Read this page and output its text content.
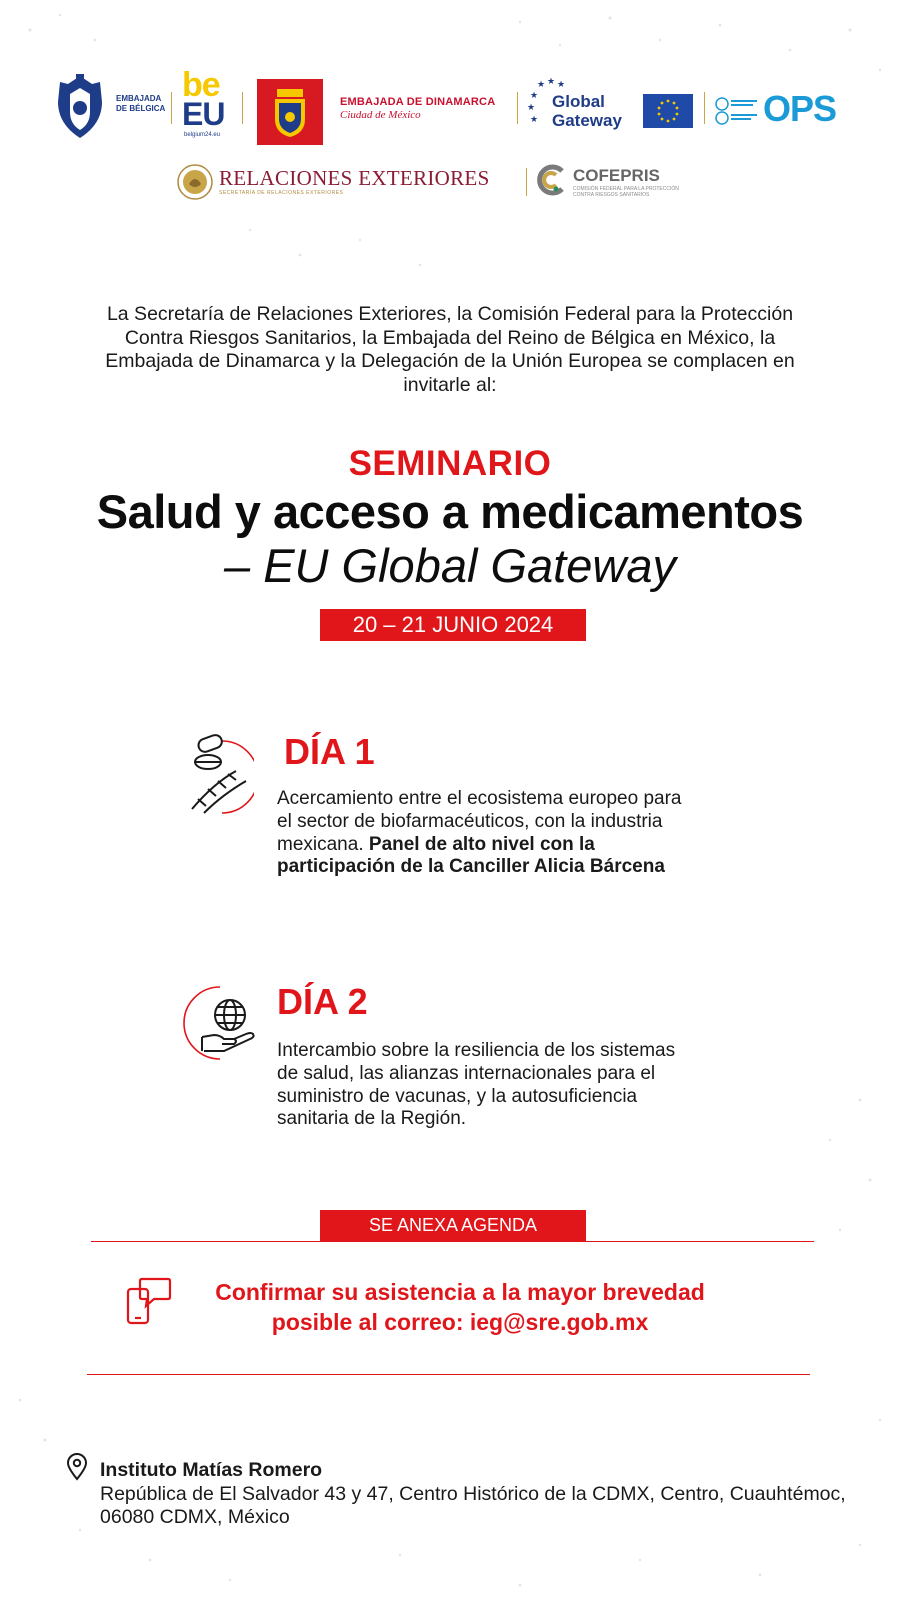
EMBAJADA
DE BÉLGICA
be
EU
belgium24.eu
EMBAJADA DE DINAMARCA
Ciudad de México
★ ★ ★
★
★
★
Global
Gateway	OPS
RELACIONES EXTERIORES
SECRETARÍA DE RELACIONES EXTERIORES
COFEPRIS
COMISIÓN FEDERAL PARA LA PROTECCIÓN CONTRA RIESGOS SANITARIOS
La Secretaría de Relaciones Exteriores, la Comisión Federal para la Protección Contra Riesgos Sanitarios, la Embajada del Reino de Bélgica en México, la Embajada de Dinamarca y la Delegación de la Unión Europea se complacen en invitarle al:
SEMINARIO
Salud y acceso a medicamentos
– EU Global Gateway
20 – 21 JUNIO 2024
DÍA 1
Acercamiento entre el ecosistema europeo para el sector de biofarmacéuticos, con la industria mexicana. Panel de alto nivel con la participación de la Canciller Alicia Bárcena
DÍA 2
Intercambio sobre la resiliencia de los sistemas de salud, las alianzas internacionales para el suministro de vacunas, y la autosuficiencia sanitaria de la Región.
SE ANEXA AGENDA
Confirmar su asistencia a la mayor brevedad
posible al correo: ieg@sre.gob.mx
Instituto Matías Romero
República de El Salvador 43 y 47, Centro Histórico de la CDMX, Centro, Cuauhtémoc, 06080 CDMX, México
